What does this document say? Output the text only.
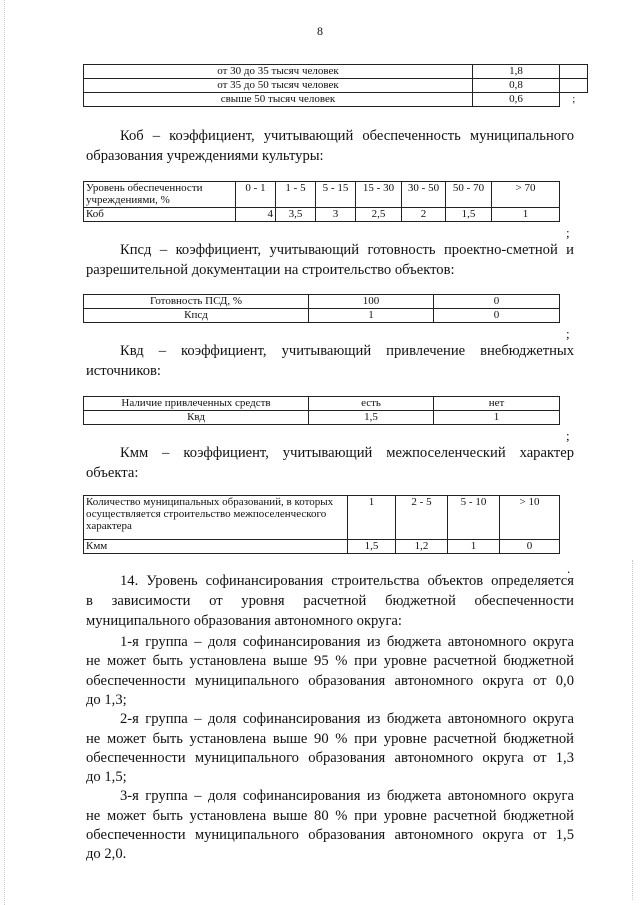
8
от 30 до 35 тысяч человек	1,8	
от 35 до 50 тысяч человек	0,8	
свыше 50 тысяч человек	0,6	;
Коб – коэффициент, учитывающий обеспеченность муниципального
образования учреждениями культуры:
Уровень обеспеченности учреждениями, %	0 - 1	1 - 5	5 - 15	15 - 30	30 - 50	50 - 70	> 70
Коб	4	3,5	3	2,5	2	1,5	1
;
Кпсд – коэффициент, учитывающий готовность проектно-сметной и
разрешительной документации на строительство объектов:
Готовность ПСД, %	100	0
Кпсд	1	0
;
Квд – коэффициент, учитывающий привлечение внебюджетных
источников:
Наличие привлеченных средств	есть	нет
Квд	1,5	1
;
Кмм – коэффициент, учитывающий межпоселенческий характер
объекта:
Количество муниципальных образований, в которых осуществляется строительство межпоселенческого характера	1	2 - 5	5 - 10	> 10
Кмм	1,5	1,2	1	0
.
14. Уровень софинансирования строительства объектов определяется
в зависимости от уровня расчетной бюджетной обеспеченности
муниципального образования автономного округа:
1-я группа – доля софинансирования из бюджета автономного округа
не может быть установлена выше 95 % при уровне расчетной бюджетной
обеспеченности муниципального образования автономного округа от 0,0
до 1,3;
2-я группа – доля софинансирования из бюджета автономного округа
не может быть установлена выше 90 % при уровне расчетной бюджетной
обеспеченности муниципального образования автономного округа от 1,3
до 1,5;
3-я группа – доля софинансирования из бюджета автономного округа
не может быть установлена выше 80 % при уровне расчетной бюджетной
обеспеченности муниципального образования автономного округа от 1,5
до 2,0.
